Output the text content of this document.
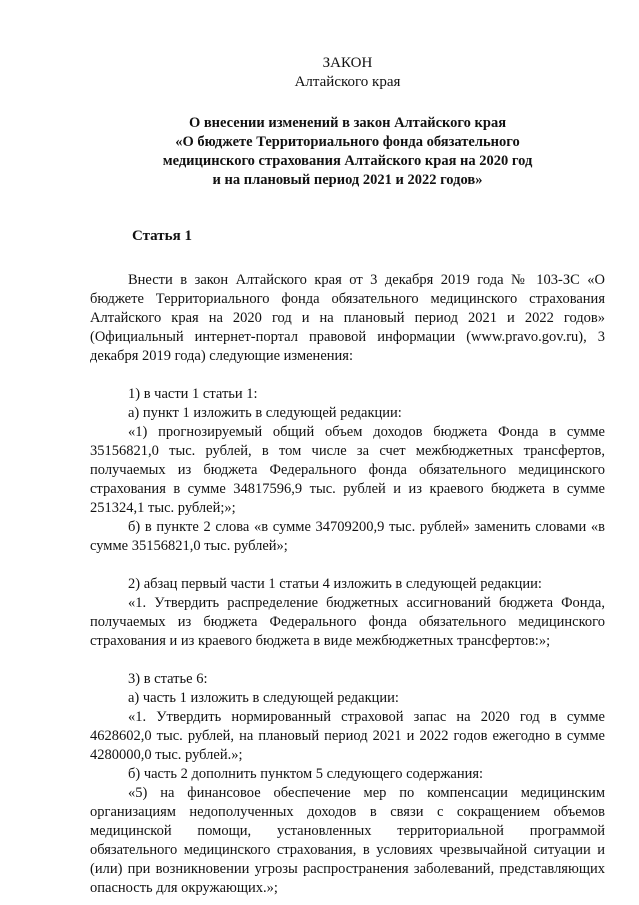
ЗАКОН
Алтайского края
О внесении изменений в закон Алтайского края
«О бюджете Территориального фонда обязательного
медицинского страхования Алтайского края на 2020 год
и на плановый период 2021 и 2022 годов»
Статья 1

Внести в закон Алтайского края от 3 декабря 2019 года № 103-ЗС «О бюджете Территориального фонда обязательного медицинского страхования Алтайского края на 2020 год и на плановый период 2021 и 2022 годов» (Официальный интернет-портал правовой информации (www.pravo.gov.ru), 3 декабря 2019 года) следующие изменения:

1) в части 1 статьи 1:

а) пункт 1 изложить в следующей редакции:

«1) прогнозируемый общий объем доходов бюджета Фонда в сумме 35156821,0 тыс. рублей, в том числе за счет межбюджетных трансфертов, получаемых из бюджета Федерального фонда обязательного медицинского страхования в сумме 34817596,9 тыс. рублей и из краевого бюджета в сумме 251324,1 тыс. рублей;»;

б) в пункте 2 слова «в сумме 34709200,9 тыс. рублей» заменить словами «в сумме 35156821,0 тыс. рублей»;

2) абзац первый части 1 статьи 4 изложить в следующей редакции:

«1. Утвердить распределение бюджетных ассигнований бюджета Фонда, получаемых из бюджета Федерального фонда обязательного медицинского страхования и из краевого бюджета в виде межбюджетных трансфертов:»;

3) в статье 6:

а) часть 1 изложить в следующей редакции:

«1. Утвердить нормированный страховой запас на 2020 год в сумме 4628602,0 тыс. рублей, на плановый период 2021 и 2022 годов ежегодно в сумме 4280000,0 тыс. рублей.»;

б) часть 2 дополнить пунктом 5 следующего содержания:

«5) на финансовое обеспечение мер по компенсации медицинским организациям недополученных доходов в связи с сокращением объемов медицинской помощи, установленных территориальной программой обязательного медицинского страхования, в условиях чрезвычайной ситуации и (или) при возникновении угрозы распространения заболеваний, представляющих опасность для окружающих.»;
